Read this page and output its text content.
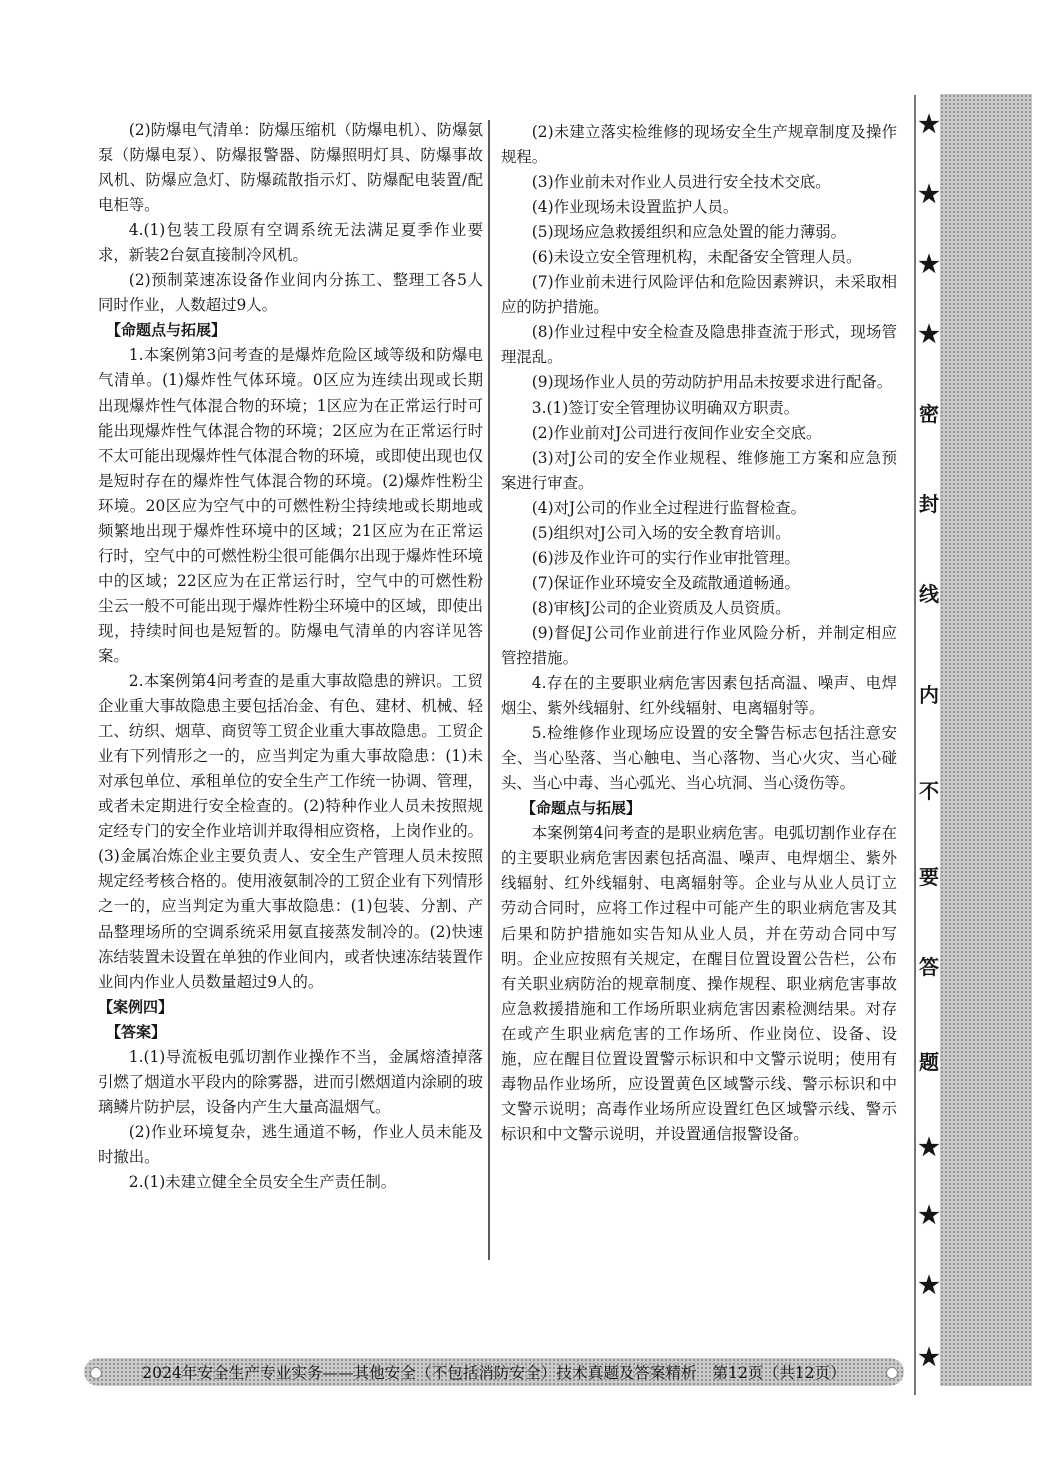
★
★
★
★
密
封
线
内
不
要
答
题
★
★
★
★

(2)防爆电气清单：防爆压缩机（防爆电机）、防爆氨泵（防爆电泵）、防爆报警器、防爆照明灯具、防爆事故风机、防爆应急灯、防爆疏散指示灯、防爆配电装置/配电柜等。

4.(1)包装工段原有空调系统无法满足夏季作业要求，新装2台氨直接制冷风机。

(2)预制菜速冻设备作业间内分拣工、整理工各5人同时作业，人数超过9人。

【命题点与拓展】

1.本案例第3问考查的是爆炸危险区域等级和防爆电气清单。(1)爆炸性气体环境。0区应为连续出现或长期出现爆炸性气体混合物的环境；1区应为在正常运行时可能出现爆炸性气体混合物的环境；2区应为在正常运行时不太可能出现爆炸性气体混合物的环境，或即使出现也仅是短时存在的爆炸性气体混合物的环境。(2)爆炸性粉尘环境。20区应为空气中的可燃性粉尘持续地或长期地或频繁地出现于爆炸性环境中的区域；21区应为在正常运行时，空气中的可燃性粉尘很可能偶尔出现于爆炸性环境中的区域；22区应为在正常运行时，空气中的可燃性粉尘云一般不可能出现于爆炸性粉尘环境中的区域，即使出现，持续时间也是短暂的。防爆电气清单的内容详见答案。

2.本案例第4问考查的是重大事故隐患的辨识。工贸企业重大事故隐患主要包括冶金、有色、建材、机械、轻工、纺织、烟草、商贸等工贸企业重大事故隐患。工贸企业有下列情形之一的，应当判定为重大事故隐患：(1)未对承包单位、承租单位的安全生产工作统一协调、管理，或者未定期进行安全检查的。(2)特种作业人员未按照规定经专门的安全作业培训并取得相应资格，上岗作业的。(3)金属冶炼企业主要负责人、安全生产管理人员未按照规定经考核合格的。使用液氨制冷的工贸企业有下列情形之一的，应当判定为重大事故隐患：(1)包装、分割、产品整理场所的空调系统采用氨直接蒸发制冷的。(2)快速冻结装置未设置在单独的作业间内，或者快速冻结装置作业间内作业人员数量超过9人的。

【案例四】

【答案】

1.(1)导流板电弧切割作业操作不当，金属熔渣掉落引燃了烟道水平段内的除雾器，进而引燃烟道内涂刷的玻璃鳞片防护层，设备内产生大量高温烟气。

(2)作业环境复杂，逃生通道不畅，作业人员未能及时撤出。

2.(1)未建立健全全员安全生产责任制。

(2)未建立落实检维修的现场安全生产规章制度及操作规程。

(3)作业前未对作业人员进行安全技术交底。

(4)作业现场未设置监护人员。

(5)现场应急救援组织和应急处置的能力薄弱。

(6)未设立安全管理机构，未配备安全管理人员。

(7)作业前未进行风险评估和危险因素辨识，未采取相应的防护措施。

(8)作业过程中安全检查及隐患排查流于形式，现场管理混乱。

(9)现场作业人员的劳动防护用品未按要求进行配备。

3.(1)签订安全管理协议明确双方职责。

(2)作业前对J公司进行夜间作业安全交底。

(3)对J公司的安全作业规程、维修施工方案和应急预案进行审查。

(4)对J公司的作业全过程进行监督检查。

(5)组织对J公司入场的安全教育培训。

(6)涉及作业许可的实行作业审批管理。

(7)保证作业环境安全及疏散通道畅通。

(8)审核J公司的企业资质及人员资质。

(9)督促J公司作业前进行作业风险分析，并制定相应管控措施。

4.存在的主要职业病危害因素包括高温、噪声、电焊烟尘、紫外线辐射、红外线辐射、电离辐射等。

5.检维修作业现场应设置的安全警告标志包括注意安全、当心坠落、当心触电、当心落物、当心火灾、当心碰头、当心中毒、当心弧光、当心坑洞、当心烫伤等。

【命题点与拓展】

本案例第4问考查的是职业病危害。电弧切割作业存在的主要职业病危害因素包括高温、噪声、电焊烟尘、紫外线辐射、红外线辐射、电离辐射等。企业与从业人员订立劳动合同时，应将工作过程中可能产生的职业病危害及其后果和防护措施如实告知从业人员，并在劳动合同中写明。企业应按照有关规定，在醒目位置设置公告栏，公布有关职业病防治的规章制度、操作规程、职业病危害事故应急救援措施和工作场所职业病危害因素检测结果。对存在或产生职业病危害的工作场所、作业岗位、设备、设施，应在醒目位置设置警示标识和中文警示说明；使用有毒物品作业场所，应设置黄色区域警示线、警示标识和中文警示说明；高毒作业场所应设置红色区域警示线、警示标识和中文警示说明，并设置通信报警设备。

2024年安全生产专业实务——其他安全（不包括消防安全）技术真题及答案精析　第12页（共12页）
